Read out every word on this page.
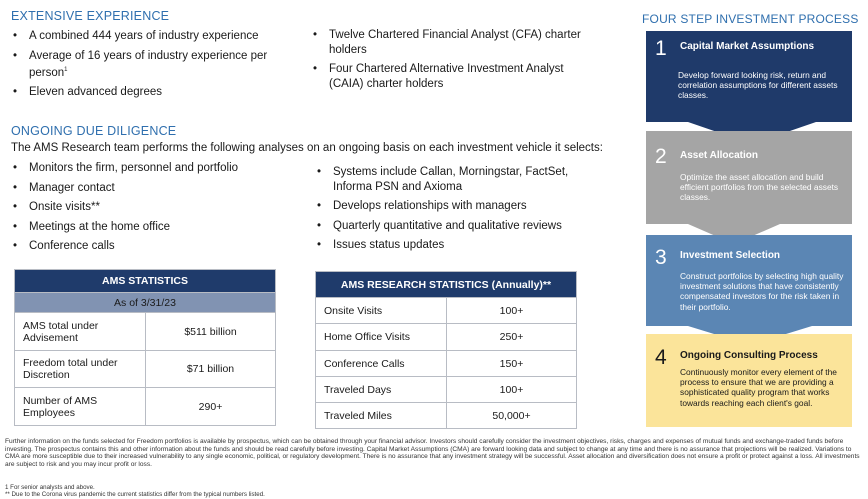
EXTENSIVE EXPERIENCE
• A combined 444 years of industry experience
• Average of 16 years of industry experience per person$^1$
• Eleven advanced degrees
• Twelve Chartered Financial Analyst (CFA) charter holders
• Four Chartered Alternative Investment Analyst (CAIA) charter holders
ONGOING DUE DILIGENCE
The AMS Research team performs the following analyses on an ongoing basis on each investment vehicle it selects:
• Monitors the firm, personnel and portfolio
• Manager contact
• Onsite visits**
• Meetings at the home office
• Conference calls
• Systems include Callan, Morningstar, FactSet, Informa PSN and Axioma
• Develops relationships with managers
• Quarterly quantitative and qualitative reviews
• Issues status updates
AMS STATISTICS	
As of 3/31/23	
AMS total under Advisement	$511 billion
Freedom total under Discretion	$71 billion
Number of AMS Employees	290+
AMS RESEARCH STATISTICS (Annually)**	
Onsite Visits	100+
Home Office Visits	250+
Conference Calls	150+
Traveled Days	100+
Traveled Miles	50,000+
FOUR STEP INVESTMENT PROCESS
1 Capital Market Assumptions
Develop forward looking risk, return and correlation assumptions for different assets classes.
2 Asset Allocation
Optimize the asset allocation and build efficient portfolios from the selected assets classes.
3 Investment Selection
Construct portfolios by selecting high quality investment solutions that have consistently compensated investors for the risk taken in their portfolio.
4 Ongoing Consulting Process
Continuously monitor every element of the process to ensure that we are providing a sophisticated quality program that works towards reaching each client's goal.
Further information on the funds selected for Freedom portfolios is available by prospectus, which can be obtained through your financial advisor. Investors should carefully consider the investment objectives, risks, charges and expenses of mutual funds and exchange-traded funds before investing. The prospectus contains this and other information about the funds and should be read carefully before investing. Capital Market Assumptions (CMA) are forward looking data and subject to change at any time and there is no assurance that projections will be realized. Variations to CMA are more susceptible due to their increased vulnerability to any single economic, political, or regulatory development. There is no assurance that any investment strategy will be successful. Asset allocation and diversification does not ensure a profit or protect against a loss. All investments are subject to risk and you may incur profit or loss.
1 For senior analysts and above.
** Due to the Corona virus pandemic the current statistics differ from the typical numbers listed.
